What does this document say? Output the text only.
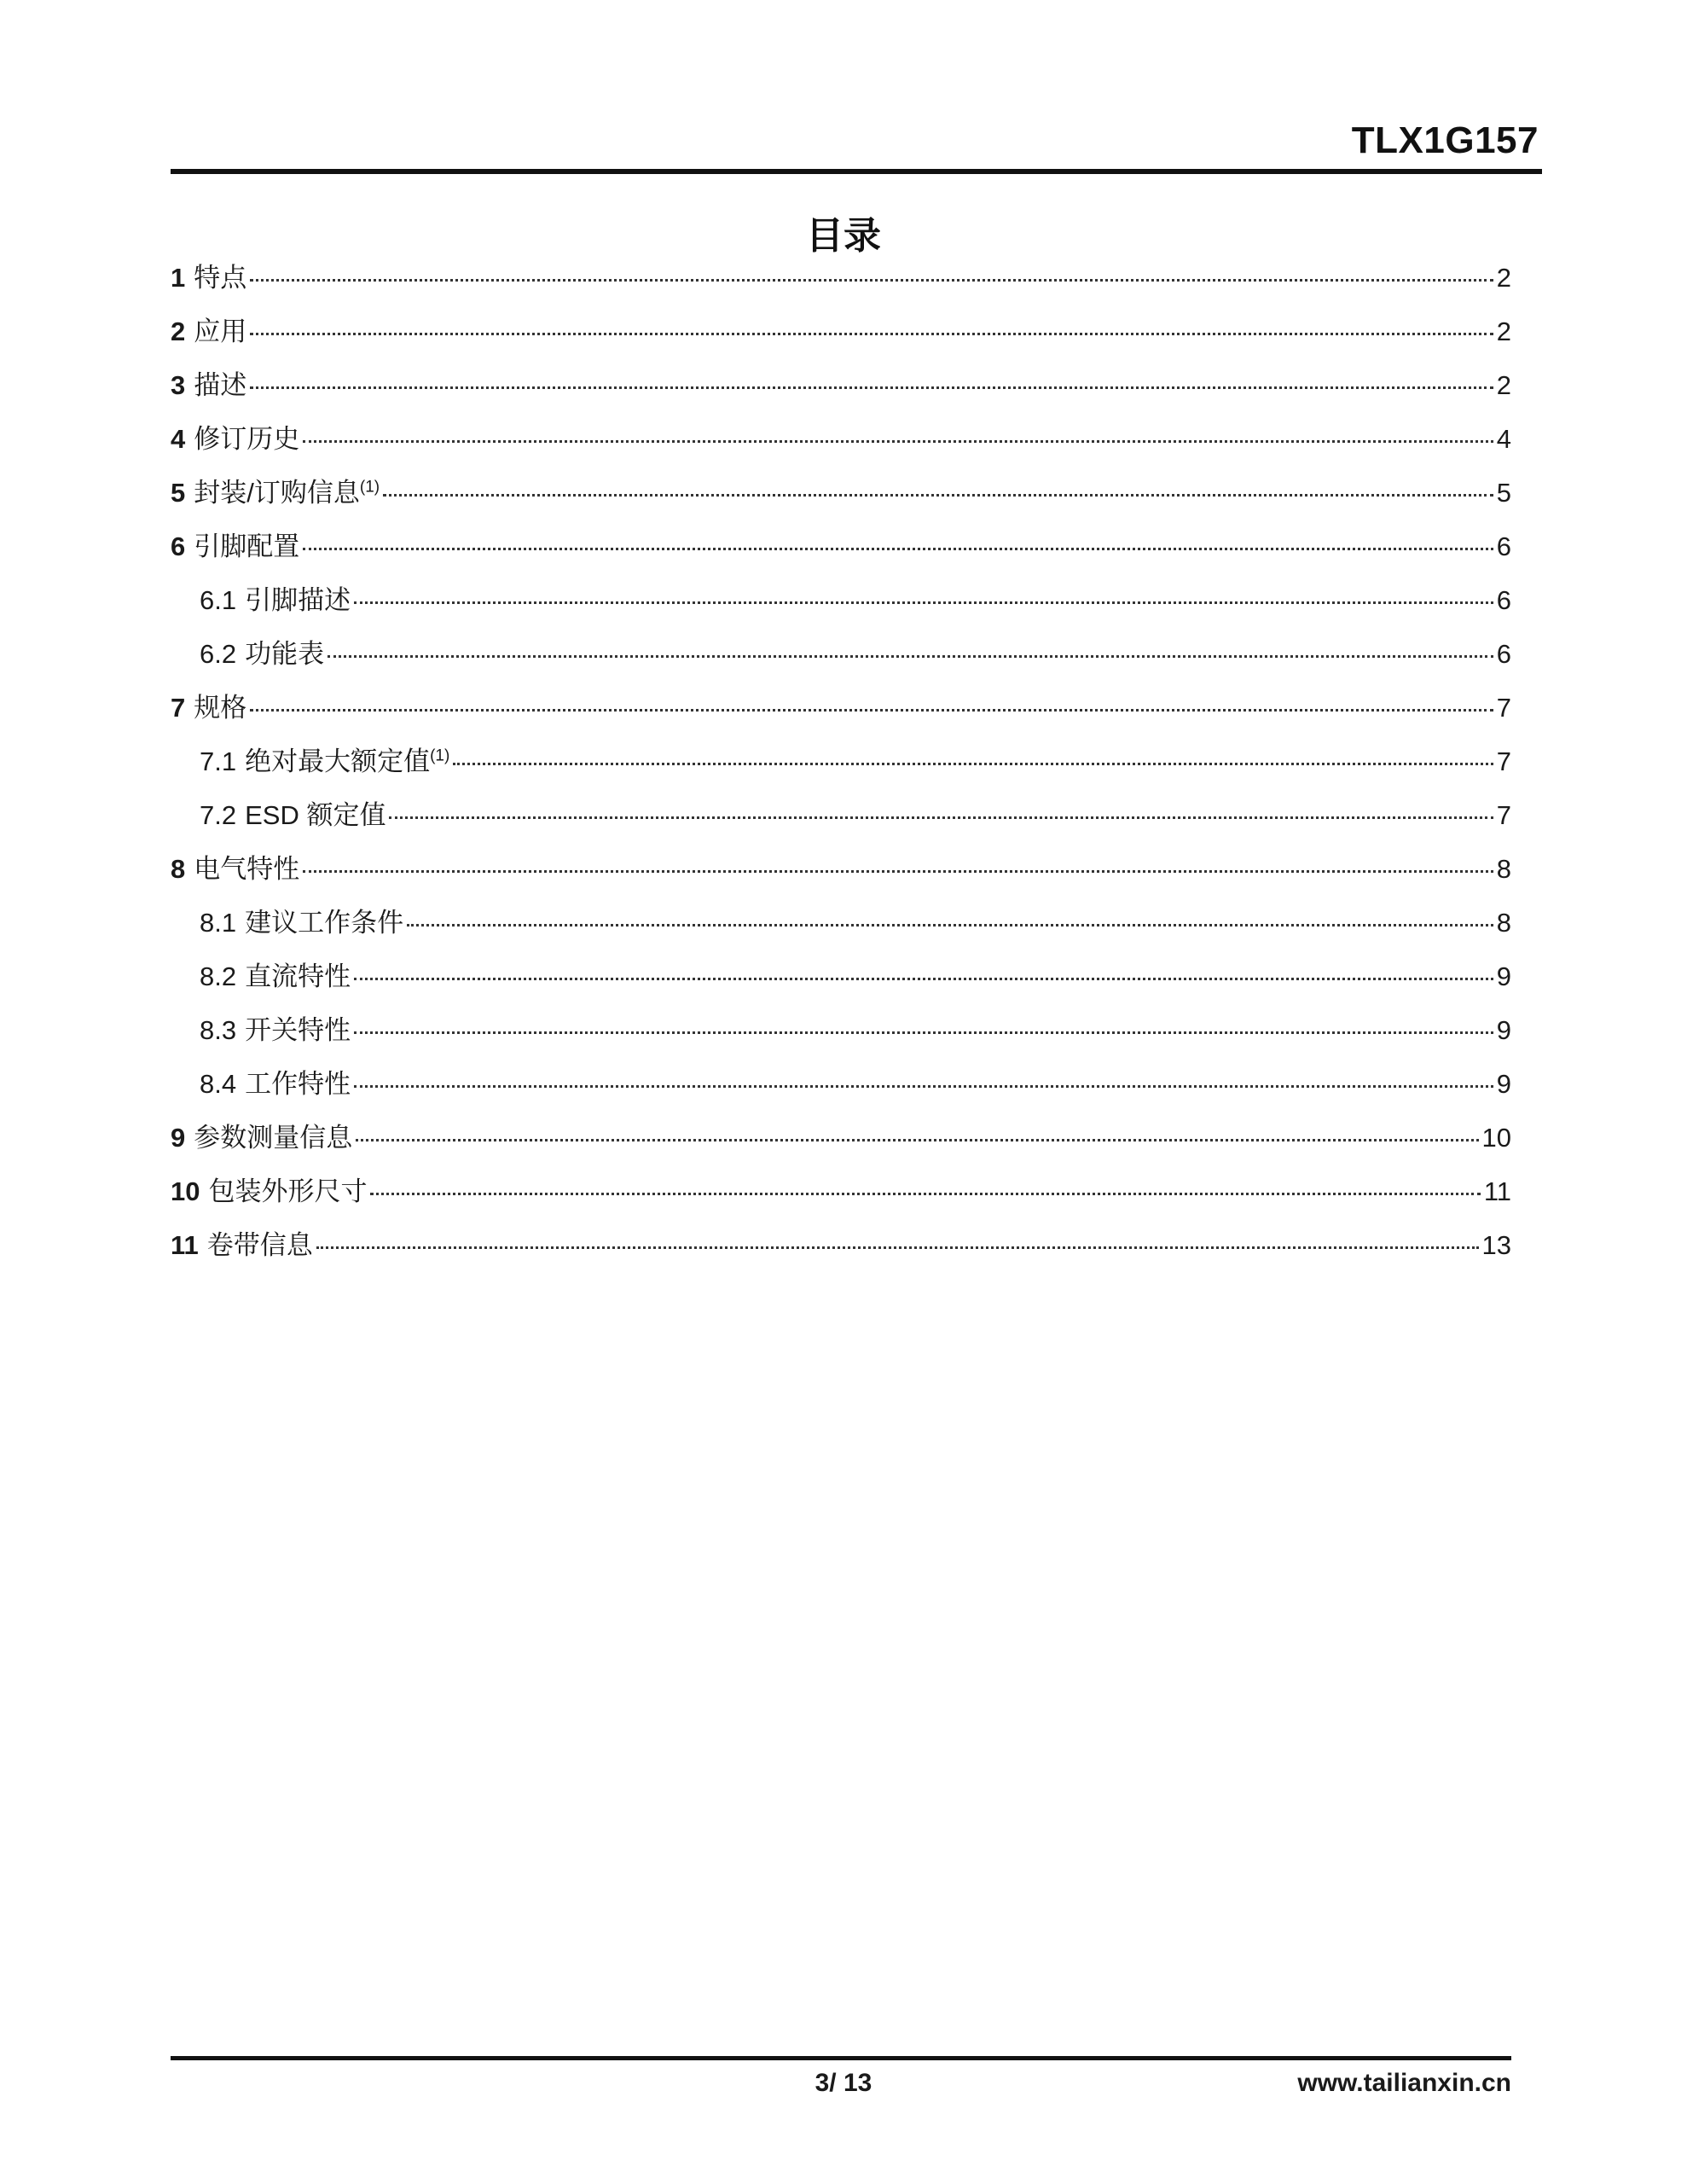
TLX1G157
目录
1 特点	2
2 应用	2
3 描述	2
4 修订历史	4
5 封装/订购信息$^{(1)}$	5
6 引脚配置	6
6.1 引脚描述	6
6.2 功能表	6
7 规格	7
7.1 绝对最大额定值$^{(1)}$	7
7.2 ESD 额定值	7
8 电气特性	8
8.1 建议工作条件	8
8.2 直流特性	9
8.3 开关特性	9
8.4 工作特性	9
9 参数测量信息	10
10 包装外形尺寸	11
11 卷带信息	13
3/ 13	www.tailianxin.cn
